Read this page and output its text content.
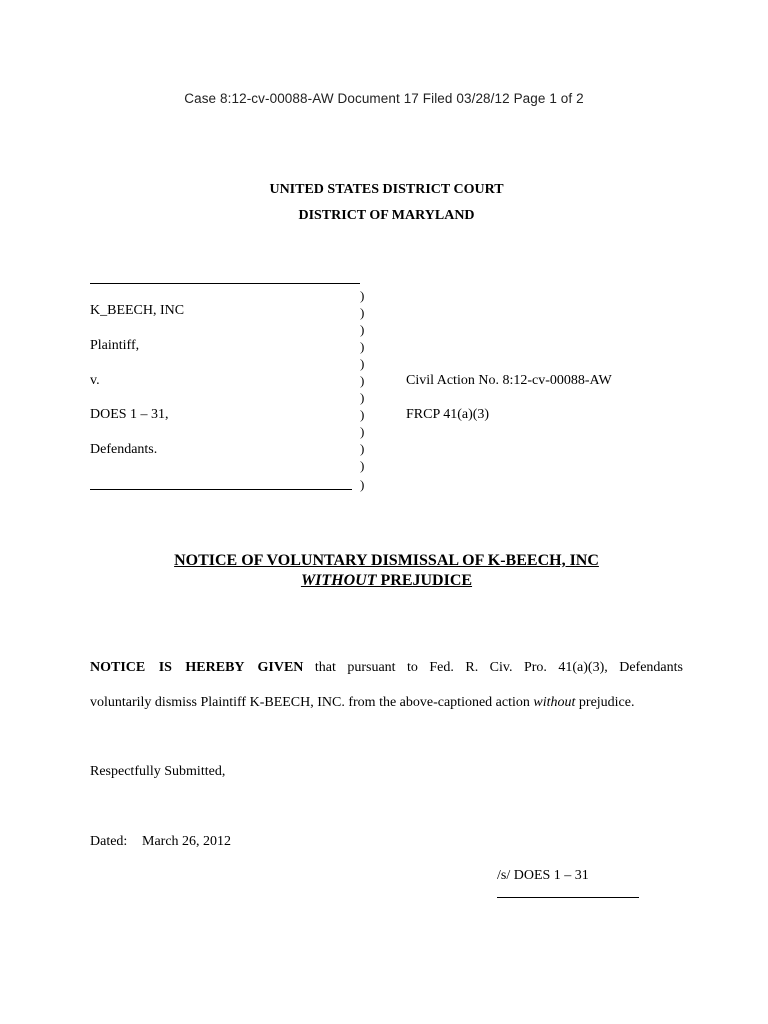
Case 8:12-cv-00088-AW Document 17 Filed 03/28/12 Page 1 of 2
UNITED STATES DISTRICT COURT
DISTRICT OF MARYLAND
)
)
)
)
)
)
)
)
)
)
)
)
K_BEECH, INC
Plaintiff,
v.
DOES 1 – 31,
Defendants.
Civil Action No. 8:12-cv-00088-AW
FRCP 41(a)(3)
NOTICE OF VOLUNTARY DISMISSAL OF K-BEECH, INC
WITHOUT PREJUDICE
NOTICE IS HEREBY GIVEN that pursuant to Fed. R. Civ. Pro. 41(a)(3), Defendants
voluntarily dismiss Plaintiff K-BEECH, INC. from the above-captioned action without prejudice.
Respectfully Submitted,
Dated: March 26, 2012
/s/ DOES 1 – 31
